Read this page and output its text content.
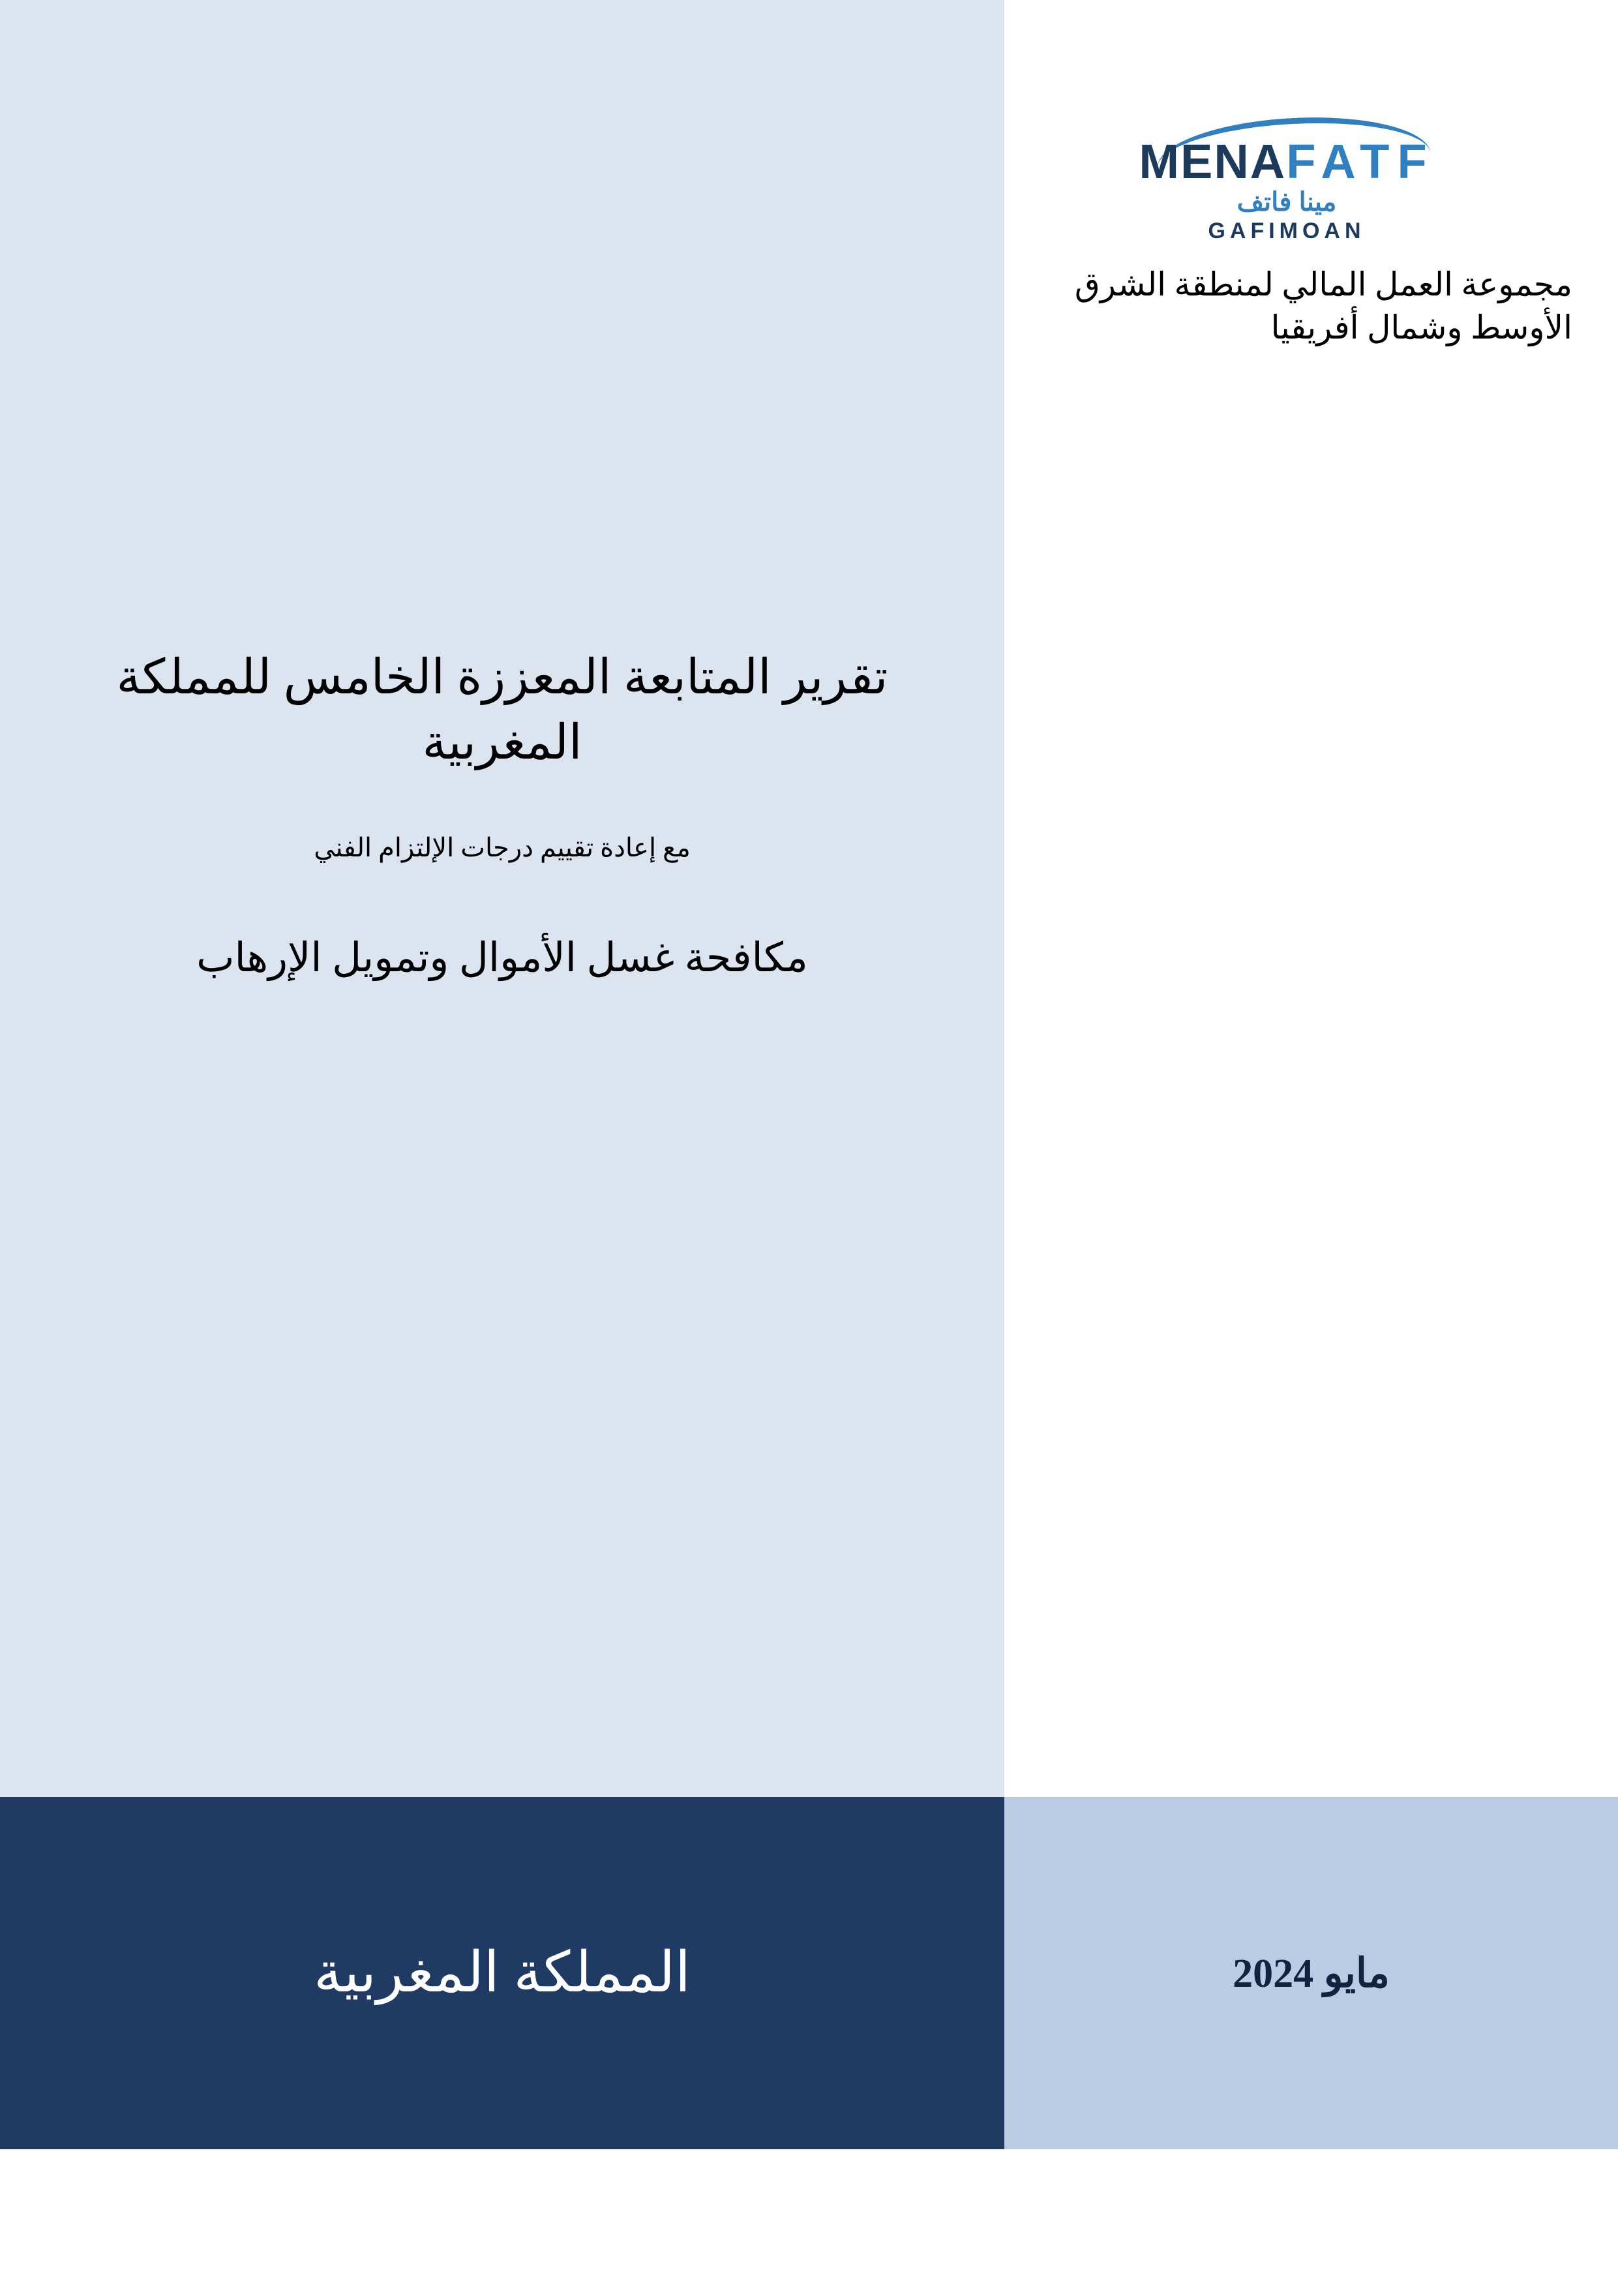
MENAFATF
مينا فاتف
GAFIMOAN
مجموعة العمل المالي لمنطقة الشرق الأوسط وشمال أفريقيا
تقرير المتابعة المعززة الخامس للمملكة المغربية
مع إعادة تقييم درجات الإلتزام الفني
مكافحة غسل الأموال وتمويل الإرهاب
المملكة المغربية	مايو 2024
